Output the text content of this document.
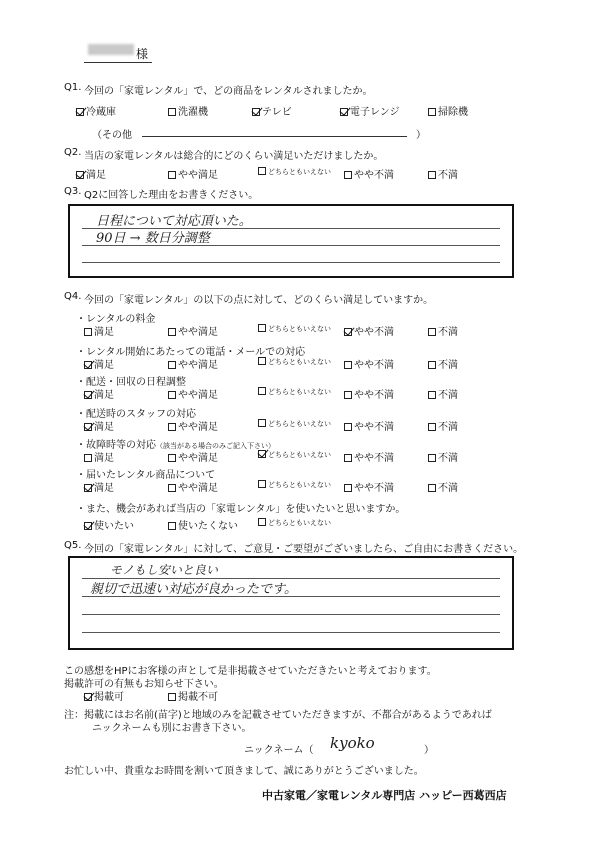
様
Q1. 今回の「家電レンタル」で、どの商品をレンタルされましたか。
冷蔵庫	洗濯機	テレビ	電子レンジ	掃除機
（その他	）
Q2. 当店の家電レンタルは総合的にどのくらい満足いただけましたか。
満足	やや満足	どちらともいえない	やや不満	不満
Q3. Q2に回答した理由をお書きください。
日程について対応頂いた。
90日 → 数日分調整
Q4. 今回の「家電レンタル」の以下の点に対して、どのくらい満足していますか。
・レンタルの料金
満足	やや満足	どちらともいえない	やや不満	不満
・レンタル開始にあたっての電話・メールでの対応
満足	やや満足	どちらともいえない	やや不満	不満
・配送・回収の日程調整
満足	やや満足	どちらともいえない	やや不満	不満
・配送時のスタッフの対応
満足	やや満足	どちらともいえない	やや不満	不満
・故障時等の対応（該当がある場合のみご記入下さい）
満足	やや満足	どちらともいえない	やや不満	不満
・届いたレンタル商品について
満足	やや満足	どちらともいえない	やや不満	不満
・また、機会があれば当店の「家電レンタル」を使いたいと思いますか。
使いたい	使いたくない	どちらともいえない
Q5. 今回の「家電レンタル」に対して、ご意見・ご要望がございましたら、ご自由にお書きください。
モノもし安いと良い
親切で迅速い対応が良かったです。
この感想をHPにお客様の声として是非掲載させていただきたいと考えております。
掲載許可の有無もお知らせ下さい。
掲載可	掲載不可
注：掲載にはお名前(苗字)と地域のみを記載させていただきますが、不都合があるようであれば
ニックネームも別にお書き下さい。
ニックネーム（ kyoko	）
お忙しい中、貴重なお時間を割いて頂きまして、誠にありがとうございました。
中古家電／家電レンタル専門店 ハッピー西葛西店
